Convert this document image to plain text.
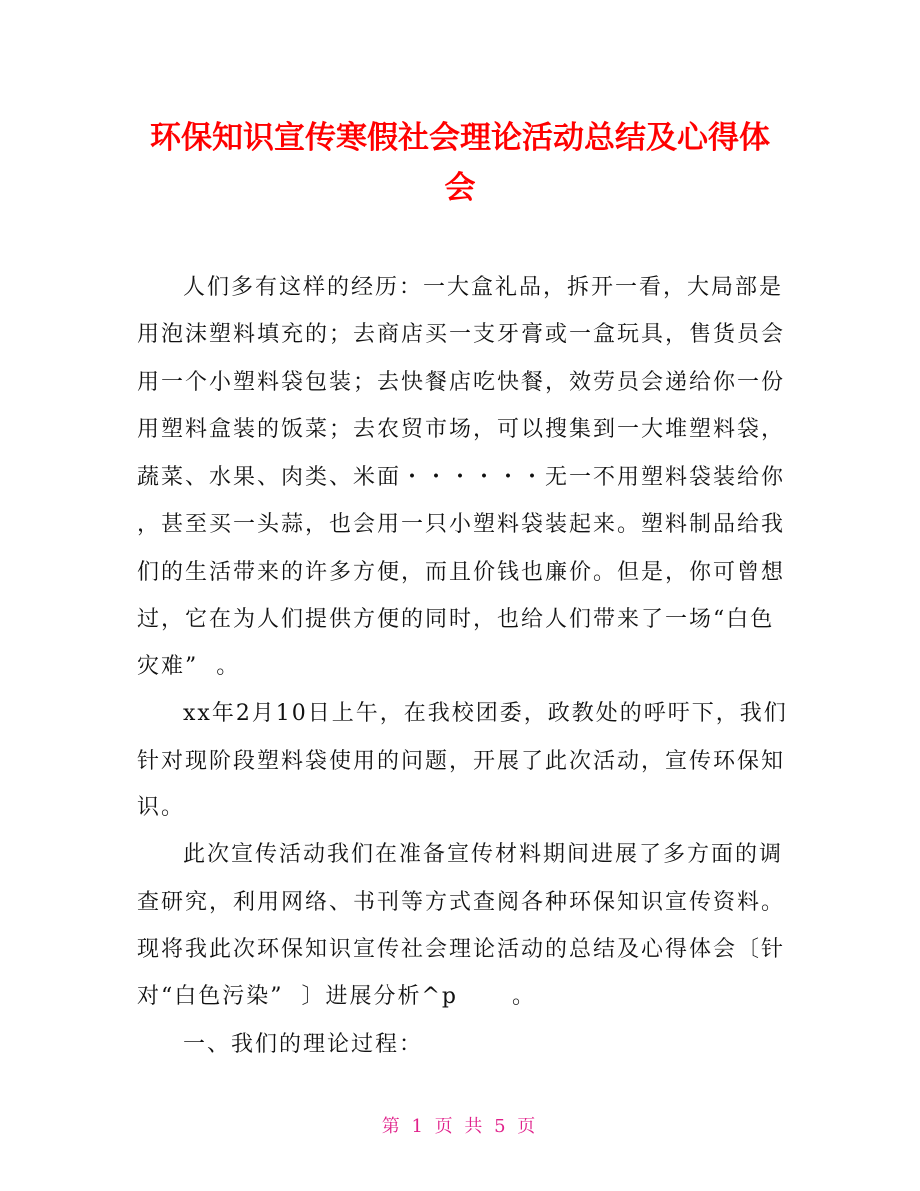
环保知识宣传寒假社会理论活动总结及心得体
会
人们多有这样的经历：一大盒礼品，拆开一看，大局部是
用泡沫塑料填充的；去商店买一支牙膏或一盒玩具，售货员会
用一个小塑料袋包装；去快餐店吃快餐，效劳员会递给你一份
用塑料盒装的饭菜；去农贸市场，可以搜集到一大堆塑料袋，
蔬菜、水果、肉类、米面・・・・・・无一不用塑料袋装给你
，甚至买一头蒜，也会用一只小塑料袋装起来。塑料制品给我
们的生活带来的许多方便，而且价钱也廉价。但是，你可曾想
过，它在为人们提供方便的同时，也给人们带来了一场“白色
灾难”  。
xx年2月10日上午，在我校团委，政教处的呼吁下，我们
针对现阶段塑料袋使用的问题，开展了此次活动，宣传环保知
识。
此次宣传活动我们在准备宣传材料期间进展了多方面的调
查研究，利用网络、书刊等方式查阅各种环保知识宣传资料。
现将我此次环保知识宣传社会理论活动的总结及心得体会〔针
对“白色污染”  〕进展分析^p      。
一、我们的理论过程：
第 1 页 共 5 页
